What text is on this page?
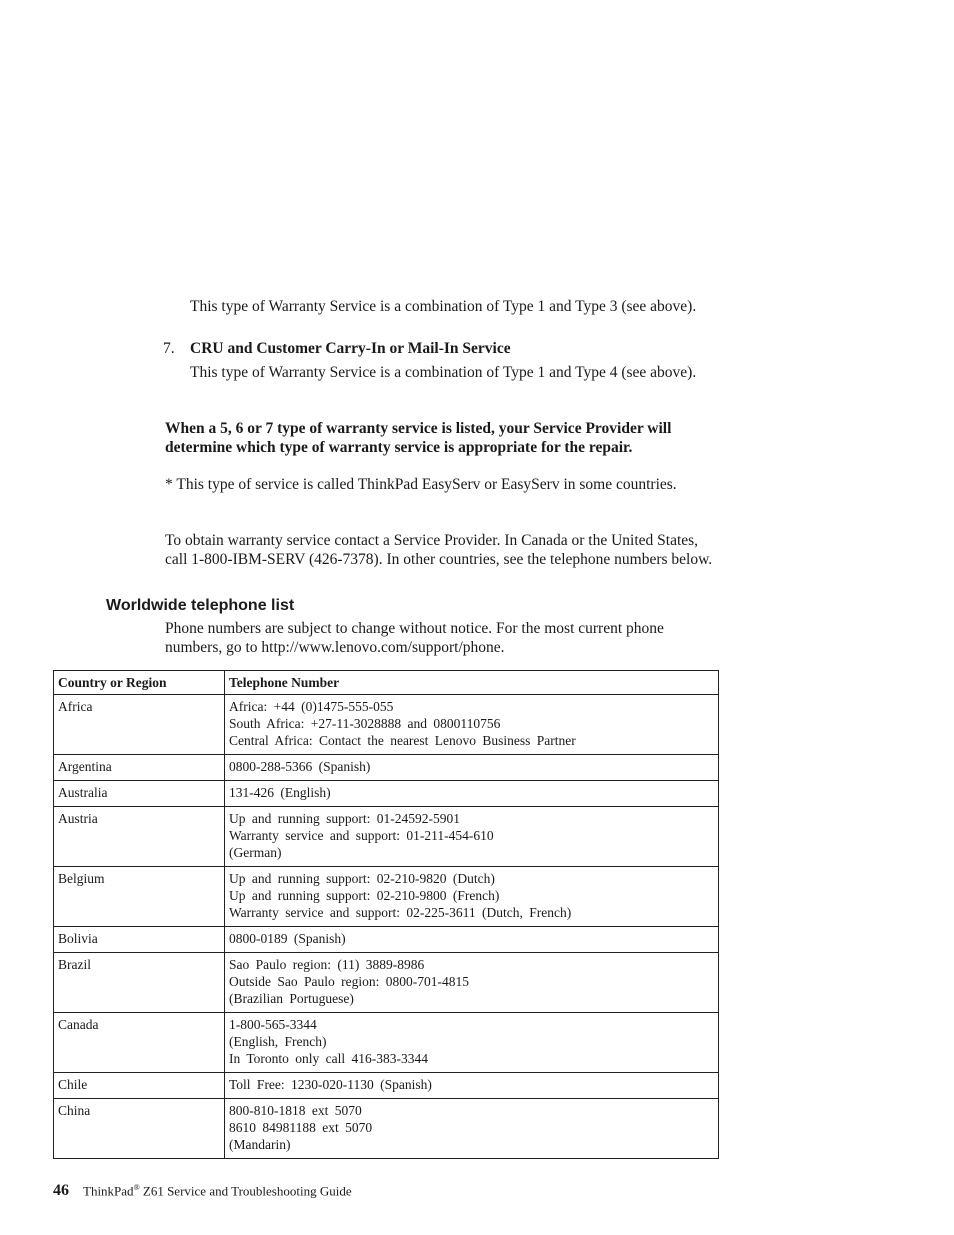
This type of Warranty Service is a combination of Type 1 and Type 3 (see above).

7. CRU and Customer Carry-In or Mail-In Service

This type of Warranty Service is a combination of Type 1 and Type 4 (see above).

When a 5, 6 or 7 type of warranty service is listed, your Service Provider will determine which type of warranty service is appropriate for the repair.

* This type of service is called ThinkPad EasyServ or EasyServ in some countries.

To obtain warranty service contact a Service Provider. In Canada or the United States, call 1-800-IBM-SERV (426-7378). In other countries, see the telephone numbers below.

Worldwide telephone list

Phone numbers are subject to change without notice. For the most current phone numbers, go to http://www.lenovo.com/support/phone.

Country or Region	Telephone Number
Africa	Africa: +44 (0)1475-555-055
South Africa: +27-11-3028888 and 0800110756
Central Africa: Contact the nearest Lenovo Business Partner

Argentina	0800-288-5366 (Spanish)

Australia	131-426 (English)

Austria	Up and running support: 01-24592-5901
Warranty service and support: 01-211-454-610
(German)

Belgium	Up and running support: 02-210-9820 (Dutch)
Up and running support: 02-210-9800 (French)
Warranty service and support: 02-225-3611 (Dutch, French)

Bolivia	0800-0189 (Spanish)

Brazil	Sao Paulo region: (11) 3889-8986
Outside Sao Paulo region: 0800-701-4815
(Brazilian Portuguese)

Canada	1-800-565-3344
(English, French)
In Toronto only call 416-383-3344

Chile	Toll Free: 1230-020-1130 (Spanish)

China	800-810-1818 ext 5070
8610 84981188 ext 5070
(Mandarin)
46 ThinkPad® Z61 Service and Troubleshooting Guide
